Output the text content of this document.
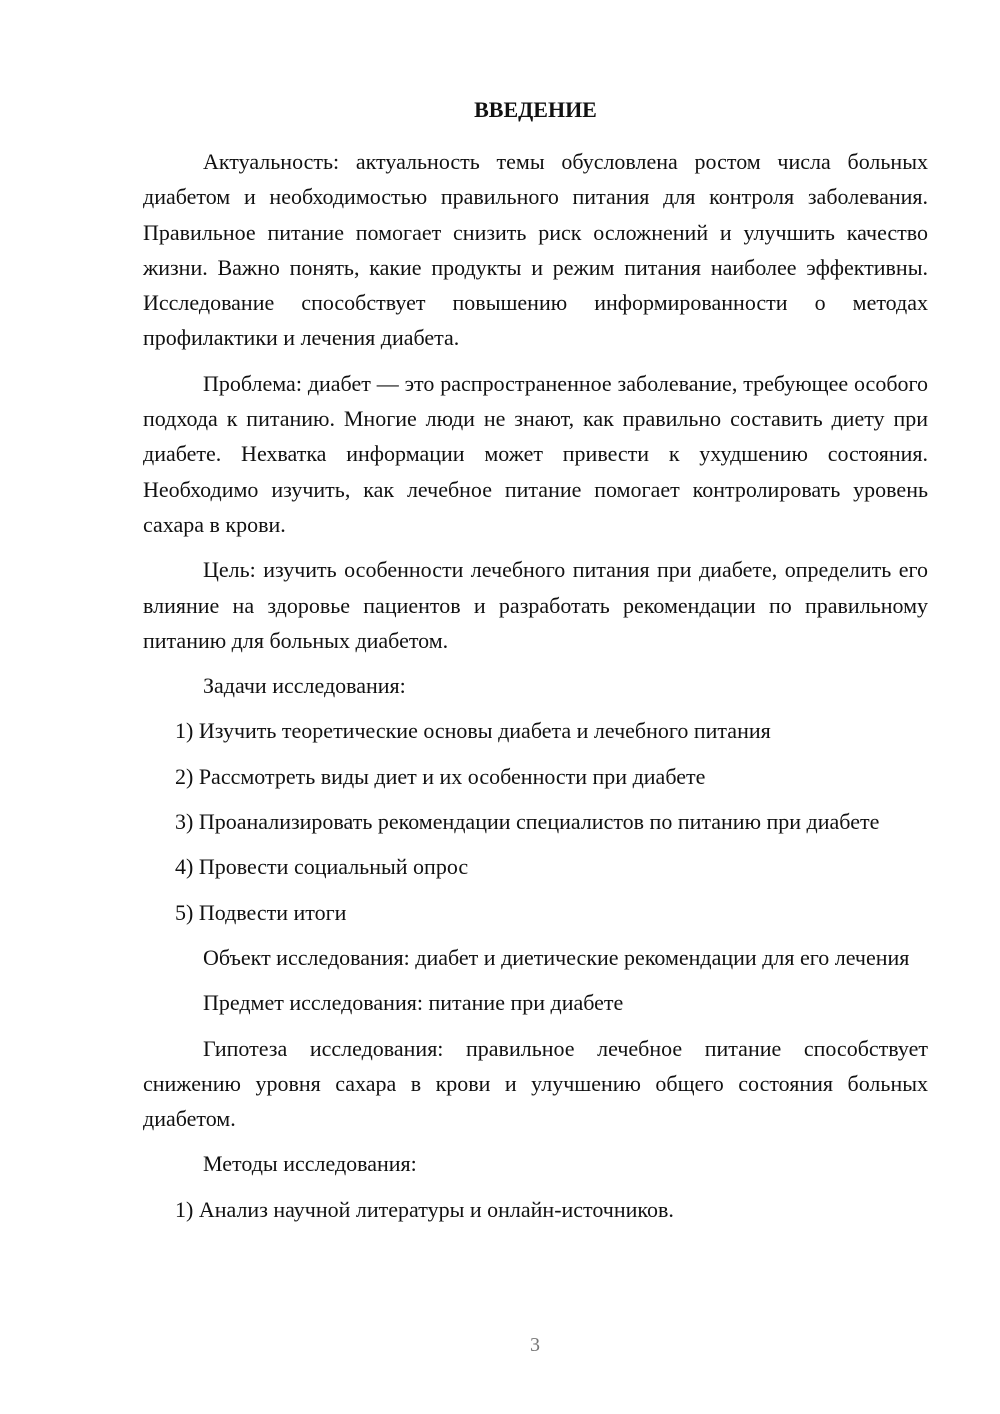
ВВЕДЕНИЕ

Актуальность: актуальность темы обусловлена ростом числа больных диабетом и необходимостью правильного питания для контроля заболевания. Правильное питание помогает снизить риск осложнений и улучшить качество жизни. Важно понять, какие продукты и режим питания наиболее эффективны. Исследование способствует повышению информированности о методах профилактики и лечения диабета.

Проблема: диабет — это распространенное заболевание, требующее особого подхода к питанию. Многие люди не знают, как правильно составить диету при диабете. Нехватка информации может привести к ухудшению состояния. Необходимо изучить, как лечебное питание помогает контролировать уровень сахара в крови.

Цель: изучить особенности лечебного питания при диабете, определить его влияние на здоровье пациентов и разработать рекомендации по правильному питанию для больных диабетом.

Задачи исследования:

1) Изучить теоретические основы диабета и лечебного питания

2) Рассмотреть виды диет и их особенности при диабете

3) Проанализировать рекомендации специалистов по питанию при диабете

4) Провести социальный опрос

5) Подвести итоги

Объект исследования: диабет и диетические рекомендации для его лечения

Предмет исследования: питание при диабете

Гипотеза исследования: правильное лечебное питание способствует снижению уровня сахара в крови и улучшению общего состояния больных диабетом.

Методы исследования:

1) Анализ научной литературы и онлайн-источников.

3
